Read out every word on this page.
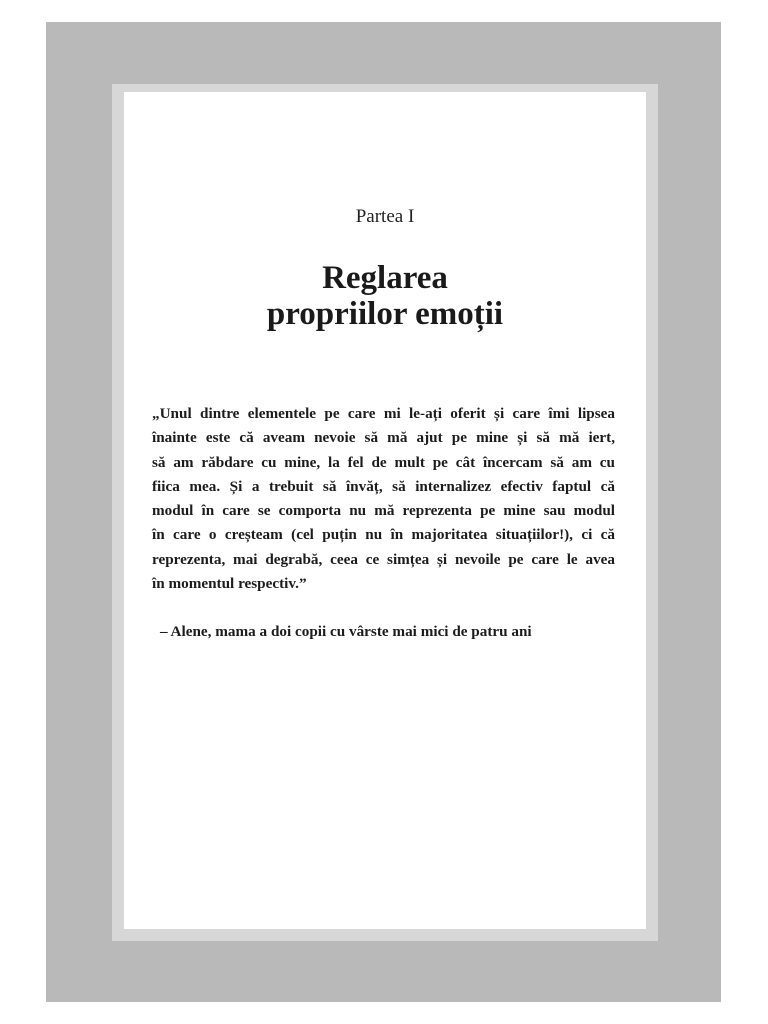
Partea I
Reglarea
propriilor emoții
„Unul dintre elementele pe care mi le-ați oferit și care îmi lipsea
înainte este că aveam nevoie să mă ajut pe mine și să mă iert,
să am răbdare cu mine, la fel de mult pe cât încercam să am cu
fiica mea. Și a trebuit să învăț, să internalizez efectiv faptul că
modul în care se comporta nu mă reprezenta pe mine sau modul
în care o creșteam (cel puțin nu în majoritatea situațiilor!), ci că
reprezenta, mai degrabă, ceea ce simțea și nevoile pe care le avea
în momentul respectiv.”
– Alene, mama a doi copii cu vârste mai mici de patru ani
